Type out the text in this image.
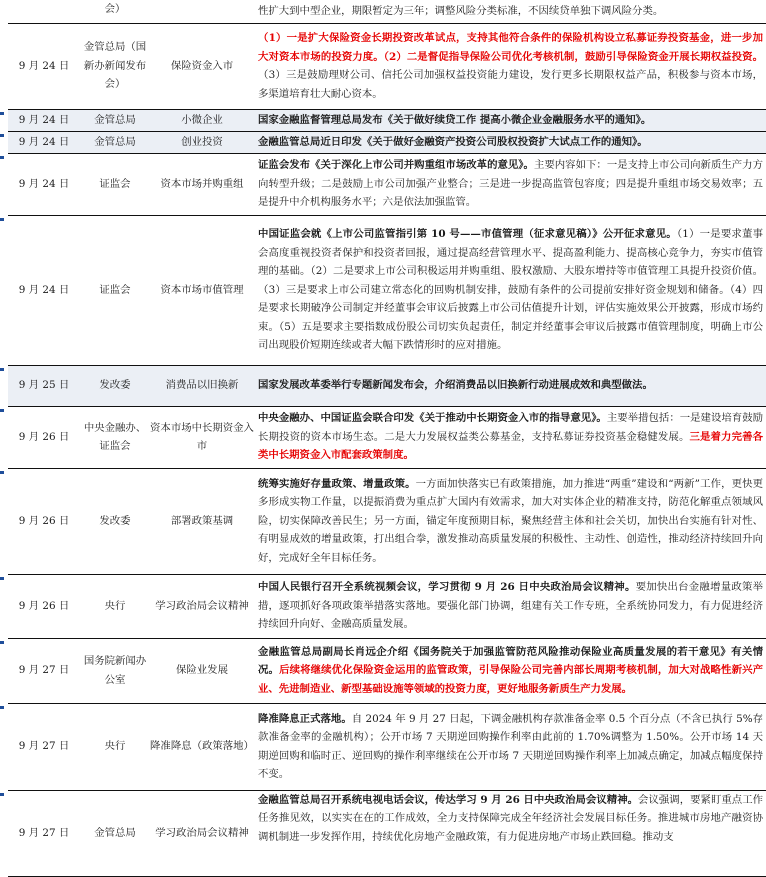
	会）		性扩大到中型企业，期限暂定为三年；调整风险分类标准，不因续贷单独下调风险分类。
9 月 24 日	金管总局（国新办新闻发布会）	保险资金入市	（1）一是扩大保险资金长期投资改革试点，支持其他符合条件的保险机构设立私募证券投资基金，进一步加大对资本市场的投资力度。（2）二是督促指导保险公司优化考核机制，鼓励引导保险资金开展长期权益投资。（3）三是鼓励理财公司、信托公司加强权益投资能力建设，发行更多长期限权益产品，积极参与资本市场，多渠道培育壮大耐心资本。
9 月 24 日	金管总局	小微企业	国家金融监督管理总局发布《关于做好续贷工作 提高小微企业金融服务水平的通知》。
9 月 24 日	金管总局	创业投资	金融监管总局近日印发《关于做好金融资产投资公司股权投资扩大试点工作的通知》。
9 月 24 日	证监会	资本市场并购重组	证监会发布《关于深化上市公司并购重组市场改革的意见》。主要内容如下：一是支持上市公司向新质生产力方向转型升级；二是鼓励上市公司加强产业整合；三是进一步提高监管包容度；四是提升重组市场交易效率；五是提升中介机构服务水平；六是依法加强监管。
9 月 24 日	证监会	资本市场市值管理	中国证监会就《上市公司监管指引第 10 号——市值管理（征求意见稿）》公开征求意见。（1）一是要求董事会高度重视投资者保护和投资者回报，通过提高经营管理水平、提高盈利能力、提高核心竞争力，夯实市值管理的基础。（2）二是要求上市公司积极运用并购重组、股权激励、大股东增持等市值管理工具提升投资价值。（3）三是要求上市公司建立常态化的回购机制安排，鼓励有条件的公司提前安排好资金规划和储备。（4）四是要求长期破净公司制定并经董事会审议后披露上市公司估值提升计划，评估实施效果公开披露，形成市场约束。（5）五是要求主要指数成份股公司切实负起责任，制定并经董事会审议后披露市值管理制度，明确上市公司出现股价短期连续或者大幅下跌情形时的应对措施。
9 月 25 日	发改委	消费品以旧换新	国家发展改革委举行专题新闻发布会，介绍消费品以旧换新行动进展成效和典型做法。
9 月 26 日	中央金融办、证监会	资本市场中长期资金入市	中央金融办、中国证监会联合印发《关于推动中长期资金入市的指导意见》。主要举措包括：一是建设培育鼓励长期投资的资本市场生态。二是大力发展权益类公募基金，支持私募证券投资基金稳健发展。三是着力完善各类中长期资金入市配套政策制度。
9 月 26 日	发改委	部署政策基调	统筹实施好存量政策、增量政策。一方面加快落实已有政策措施，加力推进“两重”建设和“两新”工作，更快更多形成实物工作量，以提振消费为重点扩大国内有效需求，加大对实体企业的精准支持，防范化解重点领域风险，切实保障改善民生；另一方面，锚定年度预期目标，聚焦经营主体和社会关切，加快出台实施有针对性、有明显成效的增量政策，打出组合拳，激发推动高质量发展的积极性、主动性、创造性，推动经济持续回升向好，完成好全年目标任务。
9 月 26 日	央行	学习政治局会议精神	中国人民银行召开全系统视频会议，学习贯彻 9 月 26 日中央政治局会议精神。要加快出台金融增量政策举措，逐项抓好各项政策举措落实落地。要强化部门协调，组建有关工作专班，全系统协同发力，有力促进经济持续回升向好、金融高质量发展。
9 月 27 日	国务院新闻办公室	保险业发展	金融监管总局副局长肖远企介绍《国务院关于加强监管防范风险推动保险业高质量发展的若干意见》有关情况。后续将继续优化保险资金运用的监管政策，引导保险公司完善内部长周期考核机制，加大对战略性新兴产业、先进制造业、新型基础设施等领域的投资力度，更好地服务新质生产力发展。
9 月 27 日	央行	降准降息（政策落地）	降准降息正式落地。自 2024 年 9 月 27 日起，下调金融机构存款准备金率 0.5 个百分点（不含已执行 5%存款准备金率的金融机构）；公开市场 7 天期逆回购操作利率由此前的 1.70%调整为 1.50%。公开市场 14 天期逆回购和临时正、逆回购的操作利率继续在公开市场 7 天期逆回购操作利率上加减点确定，加减点幅度保持不变。
9 月 27 日	金管总局	学习政治局会议精神	金融监管总局召开系统电视电话会议，传达学习 9 月 26 日中央政治局会议精神。会议强调，要紧盯重点工作任务推见效，以实实在在的工作成效，全力支持保障完成全年经济社会发展目标任务。推进城市房地产融资协调机制进一步发挥作用，持续优化房地产金融政策，有力促进房地产市场止跌回稳。推动支
